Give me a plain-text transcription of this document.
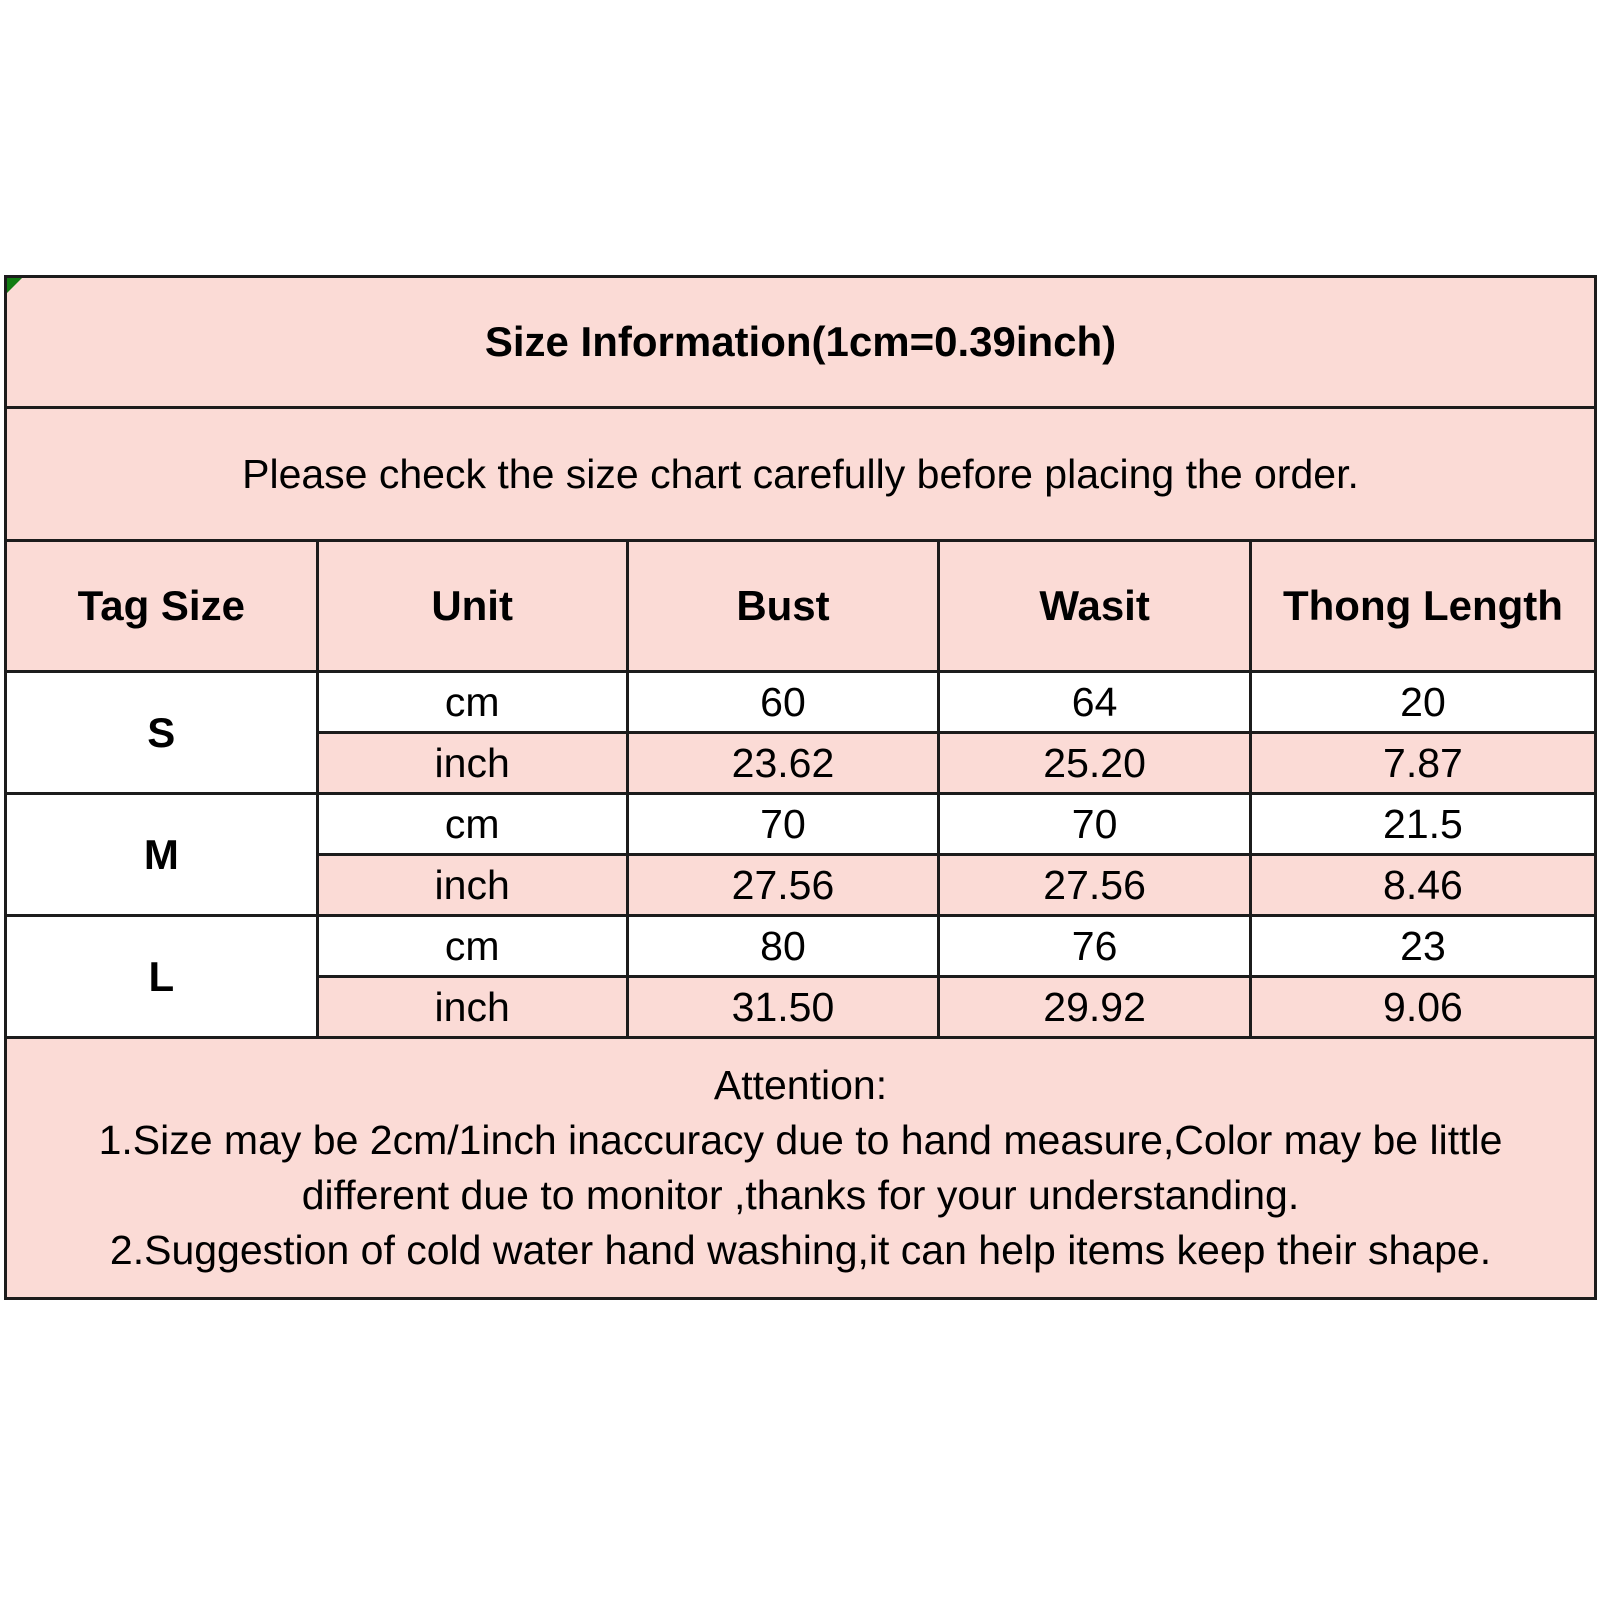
Size Information(1cm=0.39inch)				
Please check the size chart carefully before placing the order.				
Tag Size	Unit	Bust	Wasit	Thong Length
S	cm	60	64	20
	inch	23.62	25.20	7.87
M	cm	70	70	21.5
	inch	27.56	27.56	8.46
L	cm	80	76	23
	inch	31.50	29.92	9.06

Attention:
1.Size may be 2cm/1inch inaccuracy due to hand measure,Color may be little
different due to monitor ,thanks for your understanding.
2.Suggestion of cold water hand washing,it can help items keep their shape.				
